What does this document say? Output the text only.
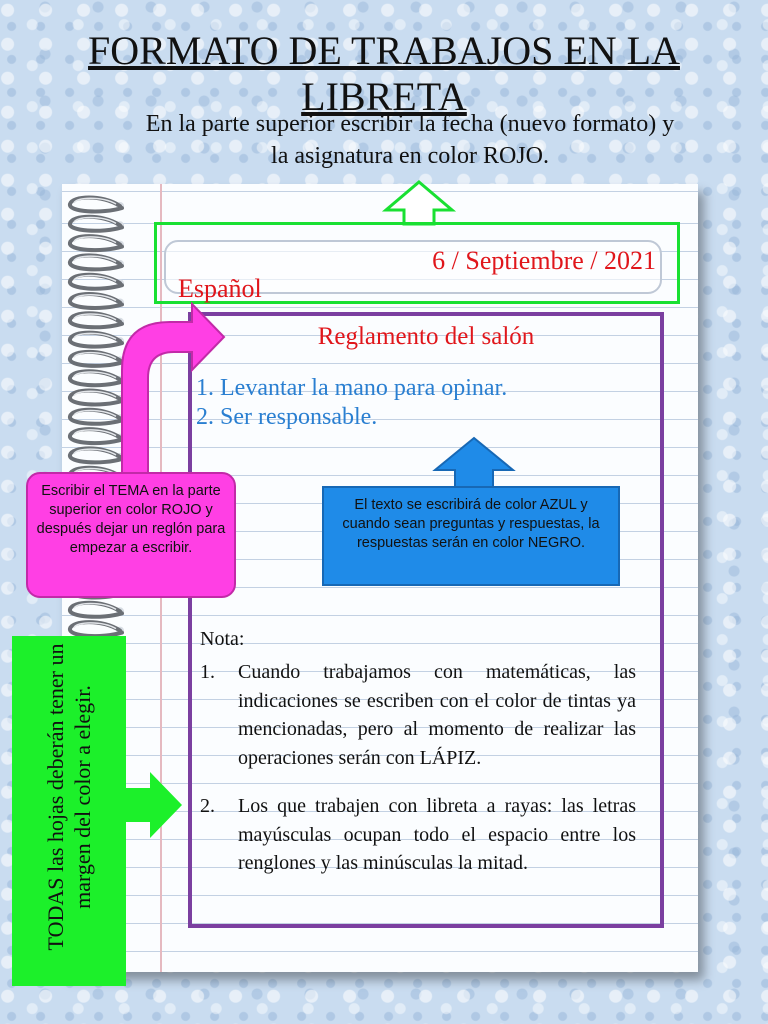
FORMATO DE TRABAJOS EN LA LIBRETA
En la parte superior escribir la fecha (nuevo formato) y la asignatura en color ROJO.
6 / Septiembre / 2021
Español
Reglamento del salón
1. Levantar la mano para opinar.
2. Ser responsable.
Escribir el TEMA en la parte superior en color ROJO y después dejar un reglón para empezar a escribir.
El texto se escribirá de color AZUL y cuando sean preguntas y respuestas, la respuestas serán en color NEGRO.
Nota:
1.	Cuando trabajamos con matemáticas, las indicaciones se escriben con el color de tintas ya mencionadas, pero al momento de realizar las operaciones serán con LÁPIZ.
2.	Los que trabajen con libreta a rayas: las letras mayúsculas ocupan todo el espacio entre los renglones y las minúsculas la mitad.
TODAS las hojas deberán tener un margen del color a elegir.
